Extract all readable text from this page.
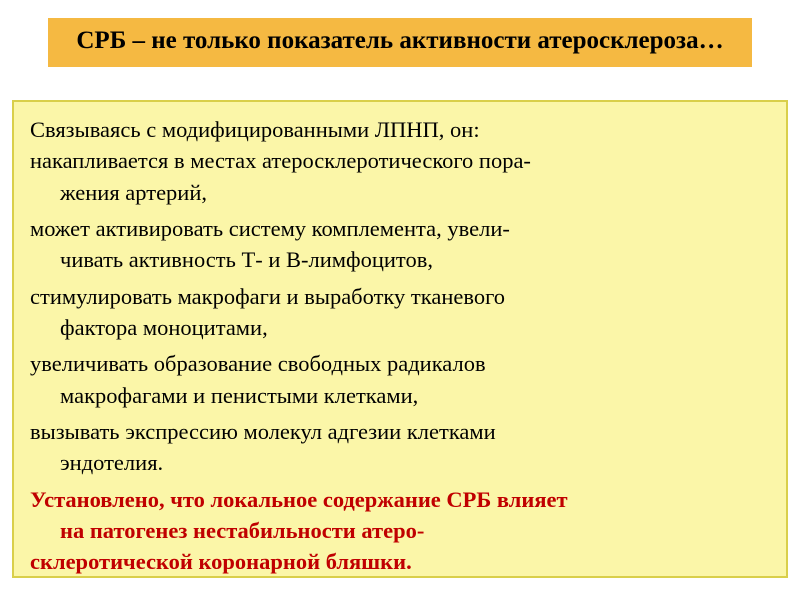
СРБ – не только показатель активности атеросклероза…

Связываясь с модифицированными ЛПНП, он:

накапливается в местах атеросклеротического пора-

жения артерий,

может активировать систему комплемента, увели-

чивать активность Т- и В-лимфоцитов,

стимулировать макрофаги и выработку тканевого

фактора моноцитами,

увеличивать образование свободных радикалов

макрофагами и пенистыми клетками,

вызывать экспрессию молекул адгезии клетками

эндотелия.

Установлено, что локальное содержание СРБ влияет

на патогенез нестабильности атеро-

склеротической коронарной бляшки.
